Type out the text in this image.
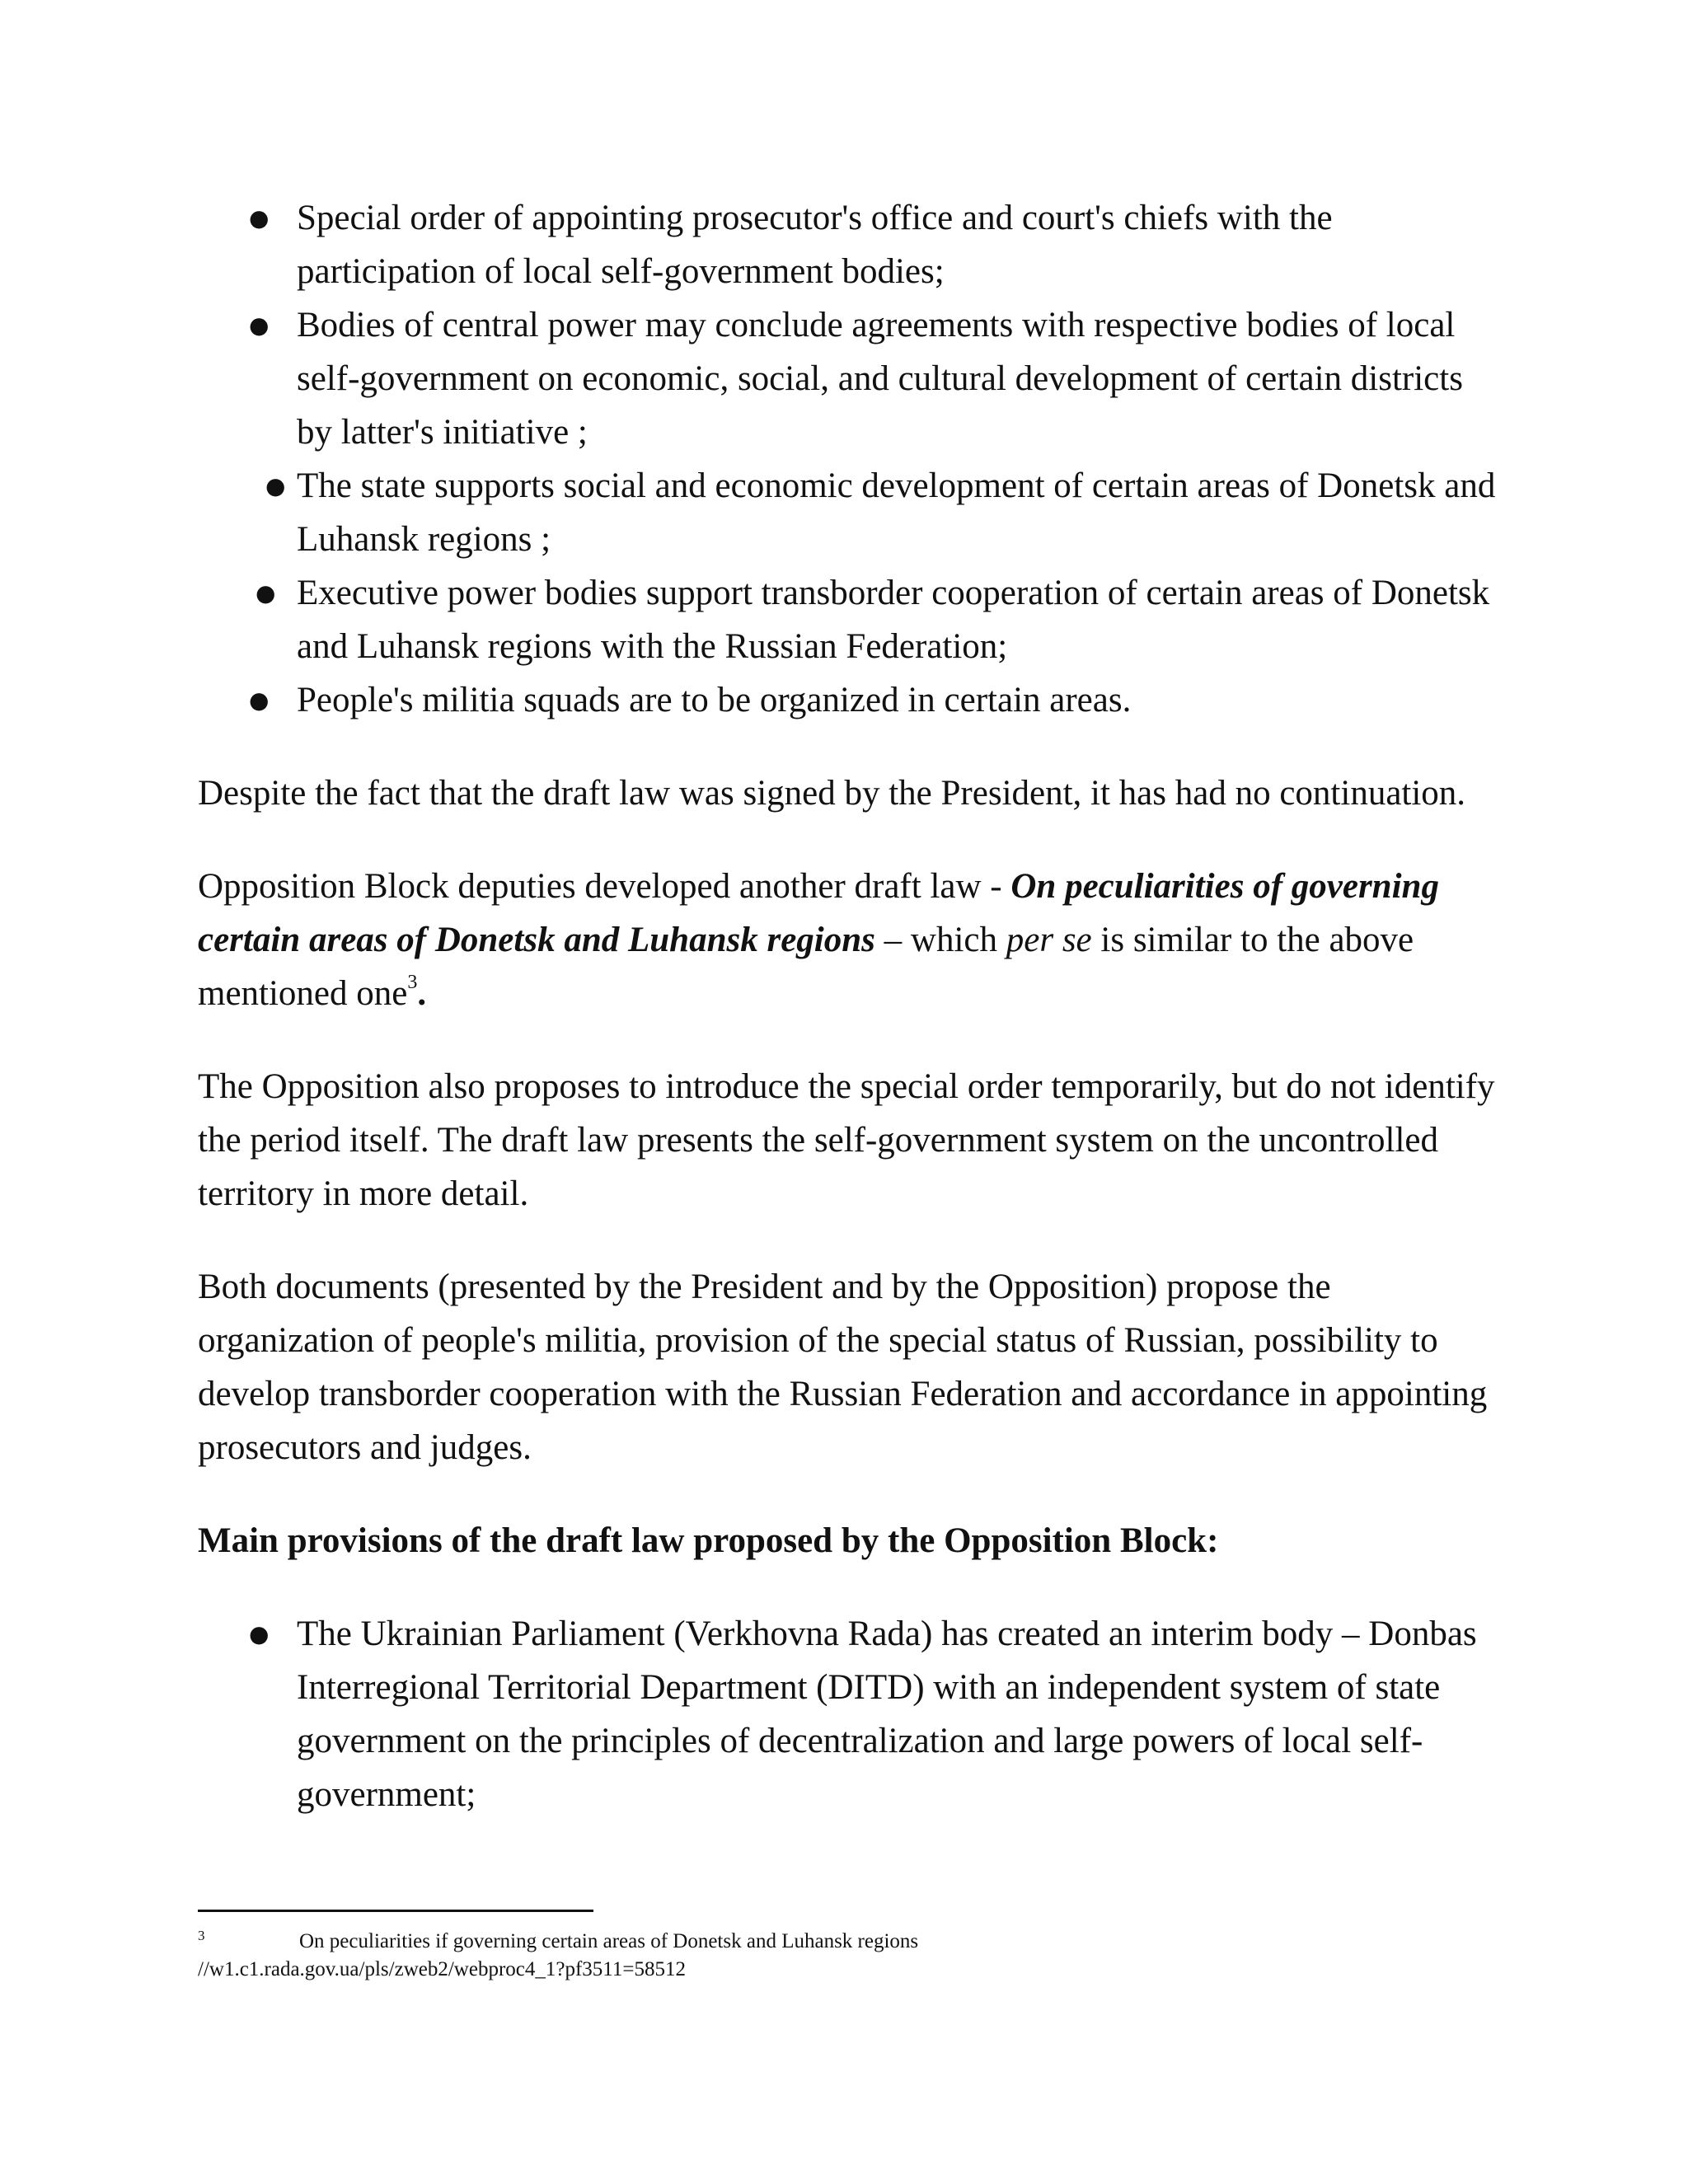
● Special order of appointing prosecutor's office and court's chiefs with the participation of local self-government bodies;
● Bodies of central power may conclude agreements with respective bodies of local self-government on economic, social, and cultural development of certain districts by latter's initiative ;
● The state supports social and economic development of certain areas of Donetsk and Luhansk regions ;
● Executive power bodies support transborder cooperation of certain areas of Donetsk and Luhansk regions with the Russian Federation;
● People's militia squads are to be organized in certain areas.

Despite the fact that the draft law was signed by the President, it has had no continuation.

Opposition Block deputies developed another draft law - On peculiarities of governing certain areas of Donetsk and Luhansk regions – which per se is similar to the above mentioned one$^3$.

The Opposition also proposes to introduce the special order temporarily, but do not identify the period itself. The draft law presents the self-government system on the uncontrolled territory in more detail.

Both documents (presented by the President and by the Opposition) propose the organization of people's militia, provision of the special status of Russian, possibility to develop transborder cooperation with the Russian Federation and accordance in appointing prosecutors and judges.

Main provisions of the draft law proposed by the Opposition Block:

● The Ukrainian Parliament (Verkhovna Rada) has created an interim body – Donbas Interregional Territorial Department (DITD) with an independent system of state government on the principles of decentralization and large powers of local self-government;
3	On peculiarities if governing certain areas of Donetsk and Luhansk regions
//w1.c1.rada.gov.ua/pls/zweb2/webproc4_1?pf3511=58512
